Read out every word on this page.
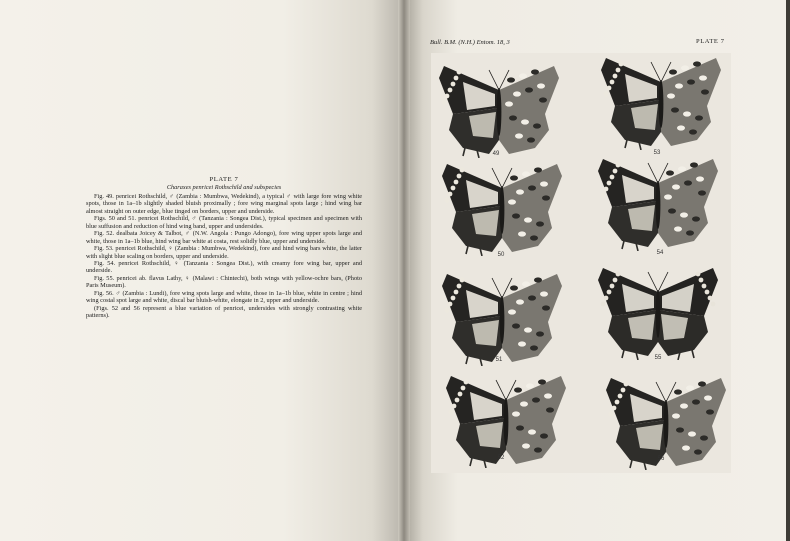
PLATE 7
Charaxes penricei Rothschild and subspecies

Fig. 49. penricei Rothschild, ♂ (Zambia : Mumbwa, Wedekind), a typical ♂ with large fore wing white spots, those in 1a–1b slightly shaded bluish proximally ; fore wing marginal spots large ; hind wing bar almost straight on outer edge, blue tinged on borders, upper and underside.

Figs. 50 and 51. penricei Rothschild, ♂ (Tanzania : Songea Dist.), typical specimen and specimen with blue suffusion and reduction of hind wing band, upper and undersides.

Fig. 52. dealbata Joicey & Talbot, ♂ (N.W. Angola : Pungo Adongo), fore wing upper spots large and white, those in 1a–1b blue, hind wing bar white at costa, rest solidly blue, upper and underside.

Fig. 53. penricei Rothschild, ♀ (Zambia : Mumbwa, Wedekind), fore and hind wing bars white, the latter with slight blue scaling on borders, upper and underside.

Fig. 54. penricei Rothschild, ♀ (Tanzania : Songea Dist.), with creamy fore wing bar, upper and underside.

Fig. 55. penricei ab. flavus Lathy, ♀ (Malawi : Chintechi), both wings with yellow-ochre bars, (Photo Paris Museum).

Fig. 56. ♂ (Zambia : Lundi), fore wing spots large and white, those in 1a–1b blue, white in centre ; hind wing costal spot large and white, discal bar bluish-white, elongate in 2, upper and underside.

(Figs. 52 and 56 represent a blue variation of penricei, undersides with strongly contrasting white patterns).

Bull. B.M. (N.H.) Entom. 18, 3	PLATE 7
49	53
50	54
51	55
52	56
